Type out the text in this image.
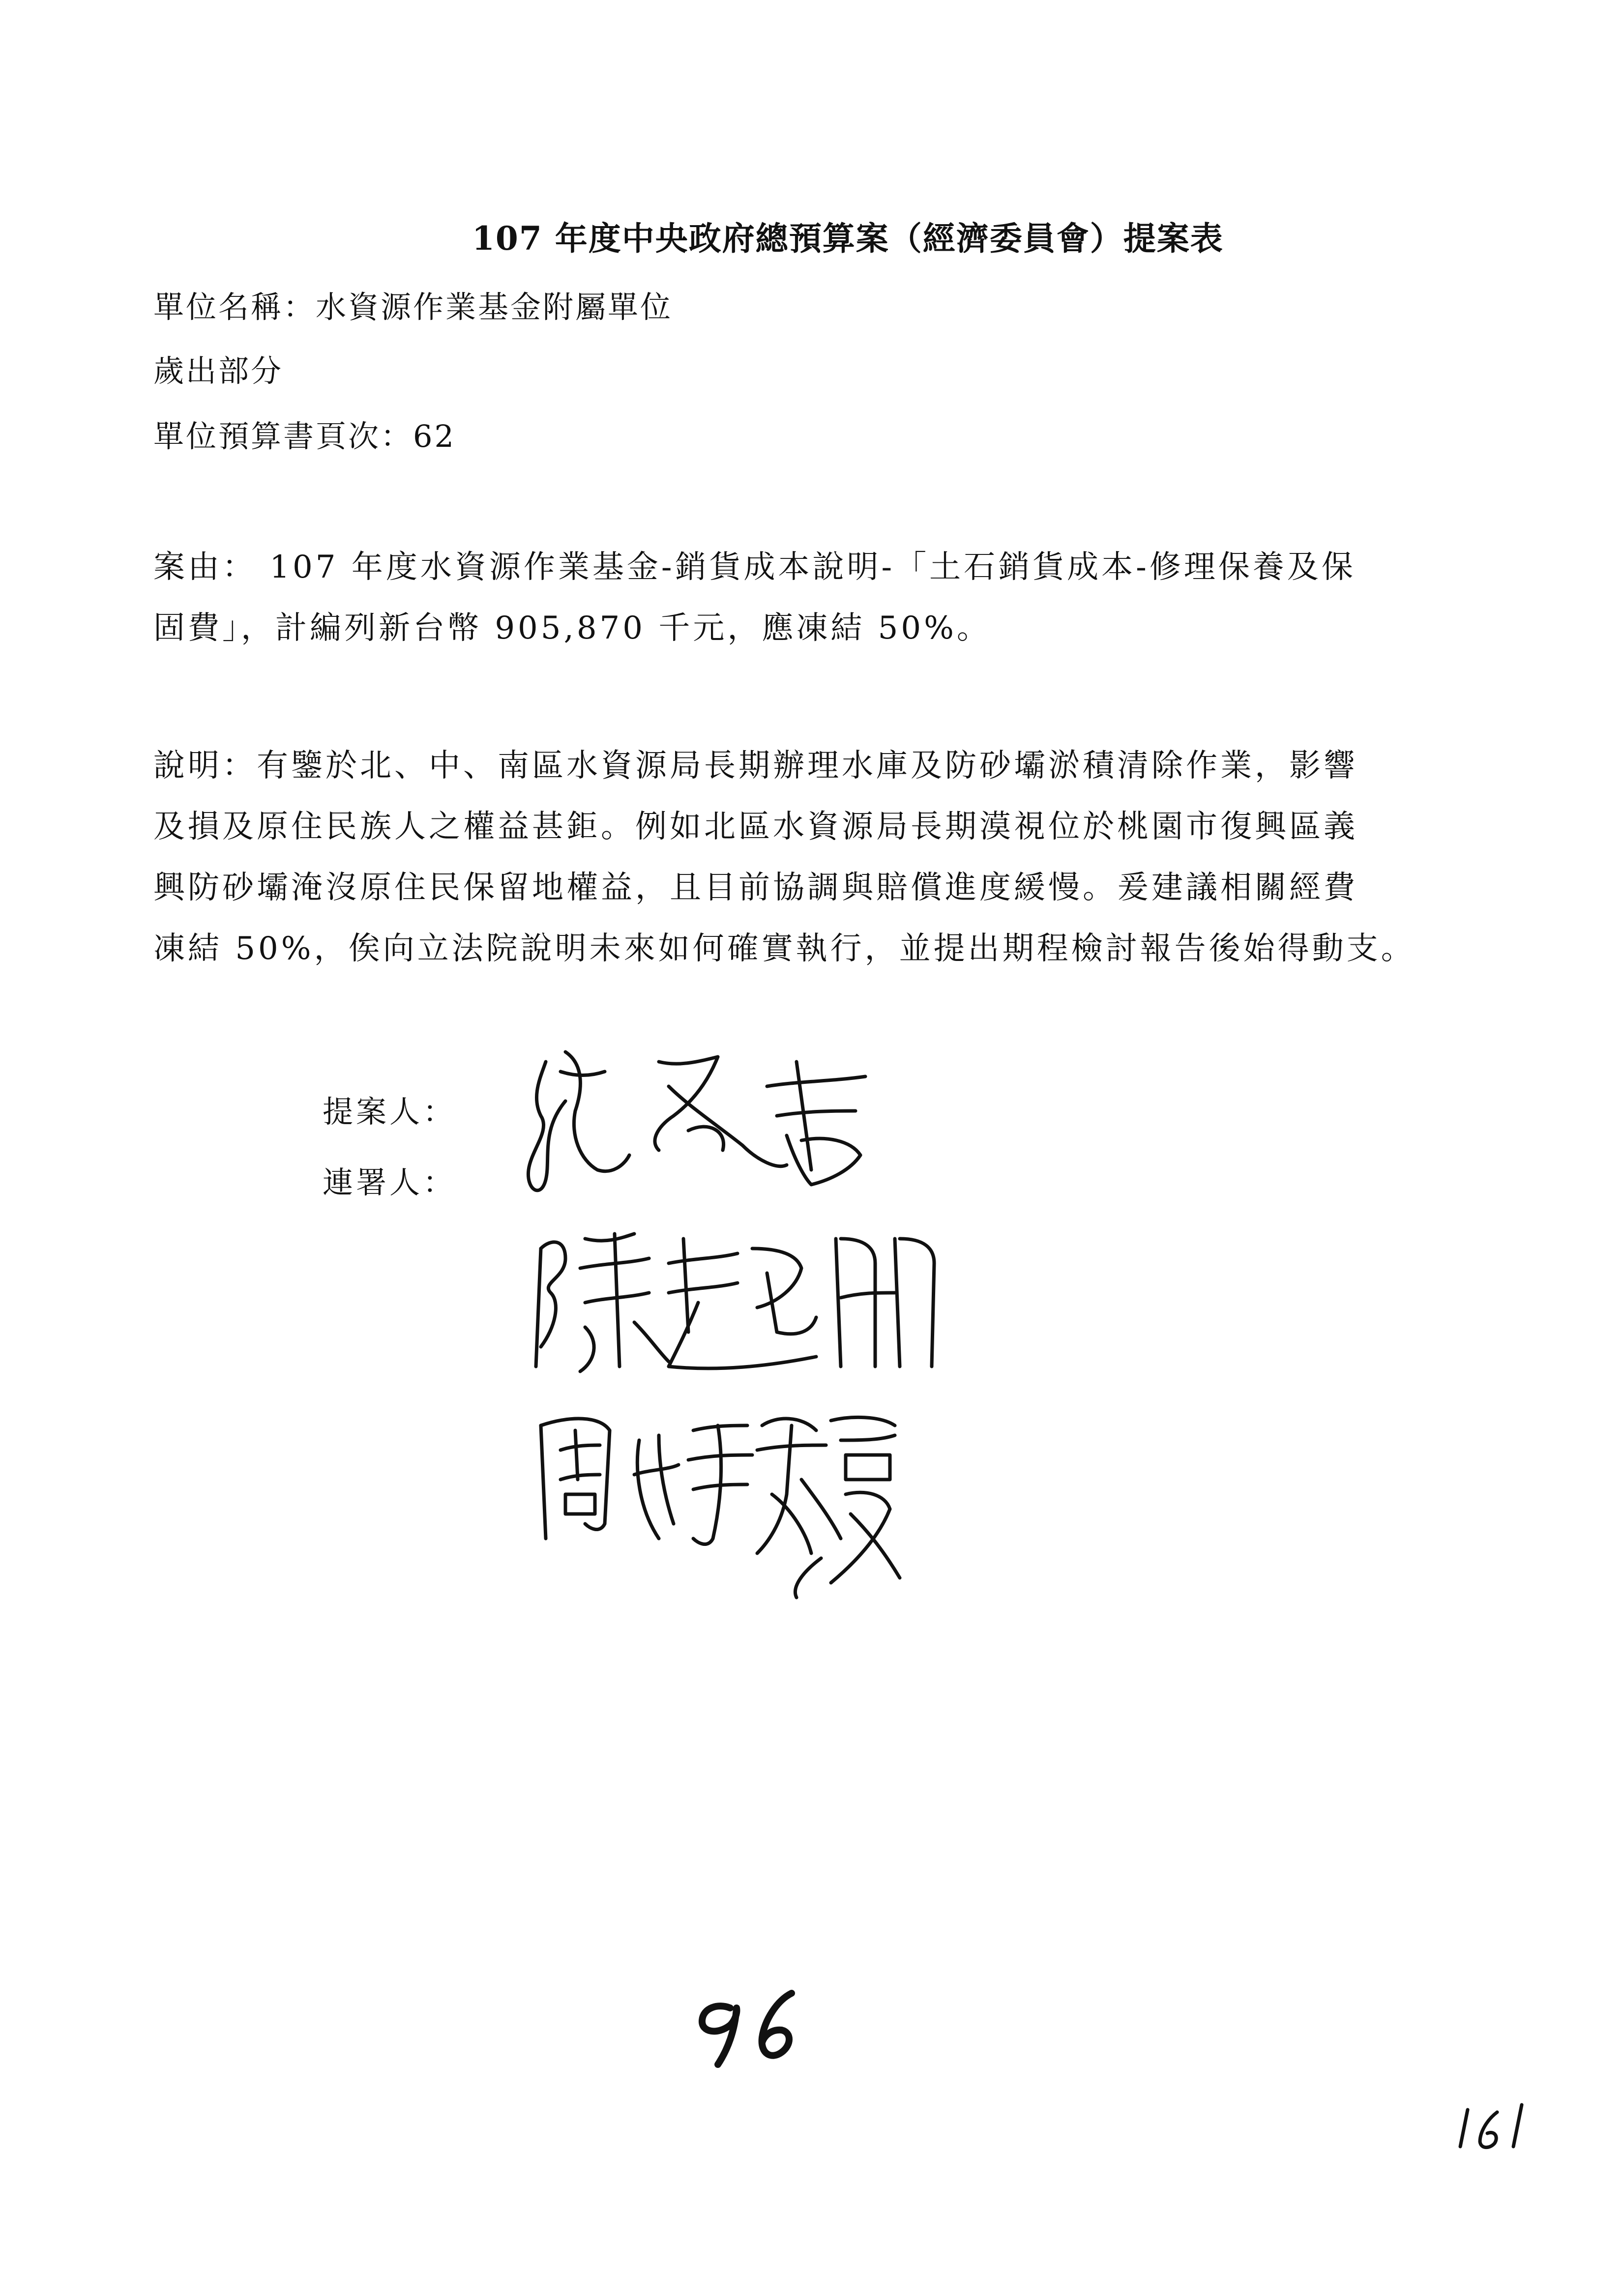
107 年度中央政府總預算案（經濟委員會）提案表
單位名稱：水資源作業基金附屬單位
歲出部分
單位預算書頁次：62
案由： 107 年度水資源作業基金-銷貨成本說明-「土石銷貨成本-修理保養及保
固費」，計編列新台幣 905,870 千元，應凍結 50%。
說明：有鑒於北、中、南區水資源局長期辦理水庫及防砂壩淤積清除作業，影響
及損及原住民族人之權益甚鉅。例如北區水資源局長期漠視位於桃園市復興區義
興防砂壩淹沒原住民保留地權益，且目前協調與賠償進度緩慢。爰建議相關經費
凍結 50%，俟向立法院說明未來如何確實執行，並提出期程檢討報告後始得動支。
提案人：
連署人：
